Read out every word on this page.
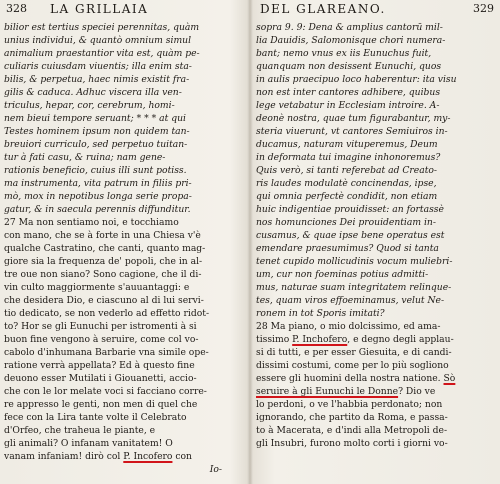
328 LA GRILLAIA
bilior est tertius speciei perennitas, quàm
unius individui, & quantò omnium simul
animalium praestantior vita est, quàm pe-
culiaris cuiusdam viuentis; illa enim sta-
bilis, & perpetua, haec nimis existit fra-
gilis & caduca. Adhuc viscera illa ven-
triculus, hepar, cor, cerebrum, homi-
nem bieui tempore seruant; * * * at qui
Testes hominem ipsum non quidem tan-
breuiori curriculo, sed perpetuo tuitan-
tur à fati casu, & ruina; nam gene-
rationis beneficio, cuius illi sunt potiss.
ma instrumenta, vita patrum in filiis pri-
mò, mox in nepotibus longa serie propa-
gatur, & in saecula perennis diffunditur.
27 Ma non sentiamo noi, e tocchiamo
con mano, che se à forte in una Chiesa v'è
qualche Castratino, che canti, quanto mag-
giore sia la frequenza de' popoli, che in al-
tre oue non siano? Sono cagione, che il di-
vin culto maggiormente s'auuantaggi: e
che desidera Dio, e ciascuno al di lui servi-
tio dedicato, se non vederlo ad effetto ridot-
to? Hor se gli Eunuchi per istromenti à si
buon fine vengono à seruire, come col vo-
cabolo d'inhumana Barbarie vna simile ope-
ratione verrà appellata? Ed à questo fine
deuono esser Mutilati i Giouanetti, accio-
che con le lor melate voci si facciano corre-
re appresso le genti, non men di quel che
fece con la Lira tante volte il Celebrato
d'Orfeo, che traheua le piante, e
gli animali? O infanam vanitatem! O
vanam infaniam! dirò col P. Incofero con
Io-
DEL GLAREANO.	329
sopra 9. 9: Dena & amplius cantorū mil-
lia Dauidis, Salomonisque chori numera-
bant; nemo vnus ex iis Eunuchus fuit,
quanquam non desissent Eunuchi, quos
in aulis praecipuo loco haberentur: ita visu
non est inter cantores adhibere, quibus
lege vetabatur in Ecclesiam introire. A-
deonè nostra, quae tum figurabantur, my-
steria viuerunt, vt cantores Semiuiros in-
ducamus, naturam vituperemus, Deum
in deformata tui imagine inhonoremus?
Quis verò, si tanti referebat ad Creato-
ris laudes modulatè concinendas, ipse,
qui omnia perfectè condidit, non etiam
huic indigentiae prouidisset: an fortassè
nos homunciones Dei prouidentiam in-
cusamus, & quae ipse bene operatus est
emendare praesumimus? Quod si tanta
tenet cupido mollicudinis vocum muliebri-
um, cur non foeminas potius admitti-
mus, naturae suam integritatem relinque-
tes, quam viros effoeminamus, velut Ne-
ronem in tot Sporis imitati?
28 Ma piano, o mio dolcissimo, ed ama-
tissimo P. Inchofero, e degno degli applau-
si di tutti, e per esser Giesuita, e di candi-
dissimi costumi, come per lo più sogliono
essere gli huomini della nostra natione. Sò
seruire à gli Eunuchi le Donne? Dio ve
lo perdoni, o ve l'habbia perdonato; non
ignorando, che partito da Roma, e passa-
to à Macerata, e d'indi alla Metropoli de-
gli Insubri, furono molto corti i giorni vo-
